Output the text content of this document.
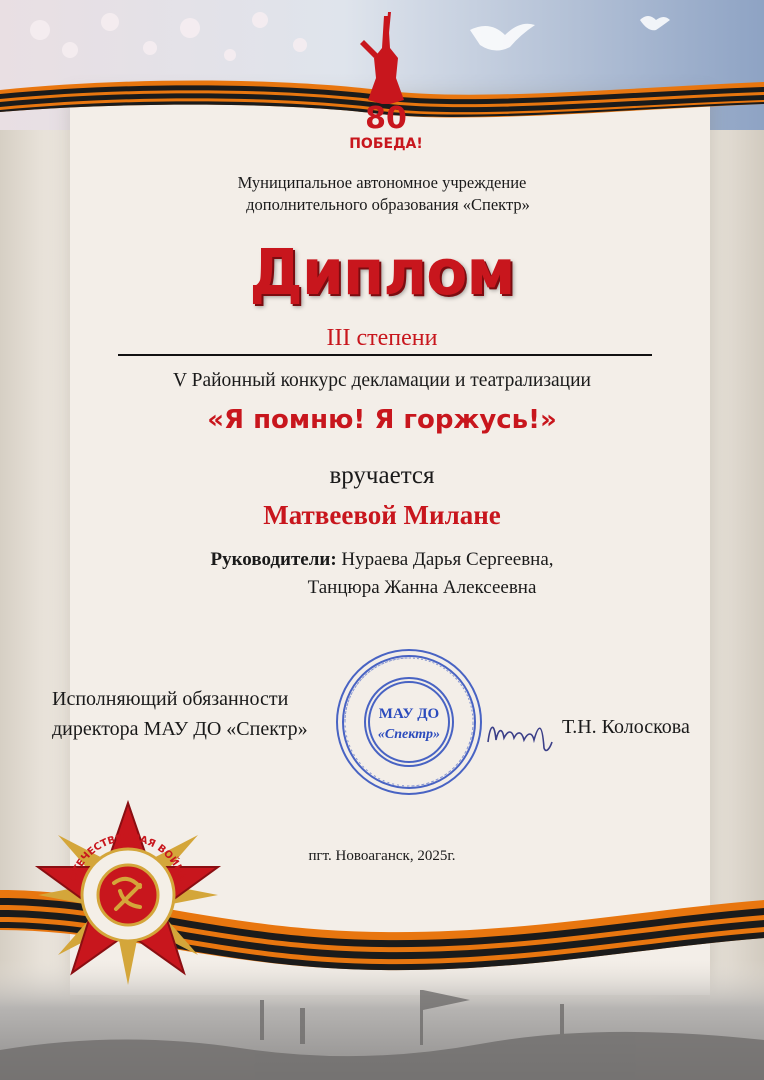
80
ПОБЕДА!
Муниципальное автономное учреждение
дополнительного образования «Спектр»
Диплом
III степени
V Районный конкурс декламации и театрализации
«Я помню! Я горжусь!»
вручается
Матвеевой Милане
Руководители: Нураева Дарья Сергеевна,
Танцюра Жанна Алексеевна
Исполняющий обязанности
директора МАУ ДО «Спектр»
МАУ ДО
«Спектр»	Т.Н. Колоскова
пгт. Новоаганск, 2025г.
ОТЕЧЕСТВЕННАЯ ВОЙНА
